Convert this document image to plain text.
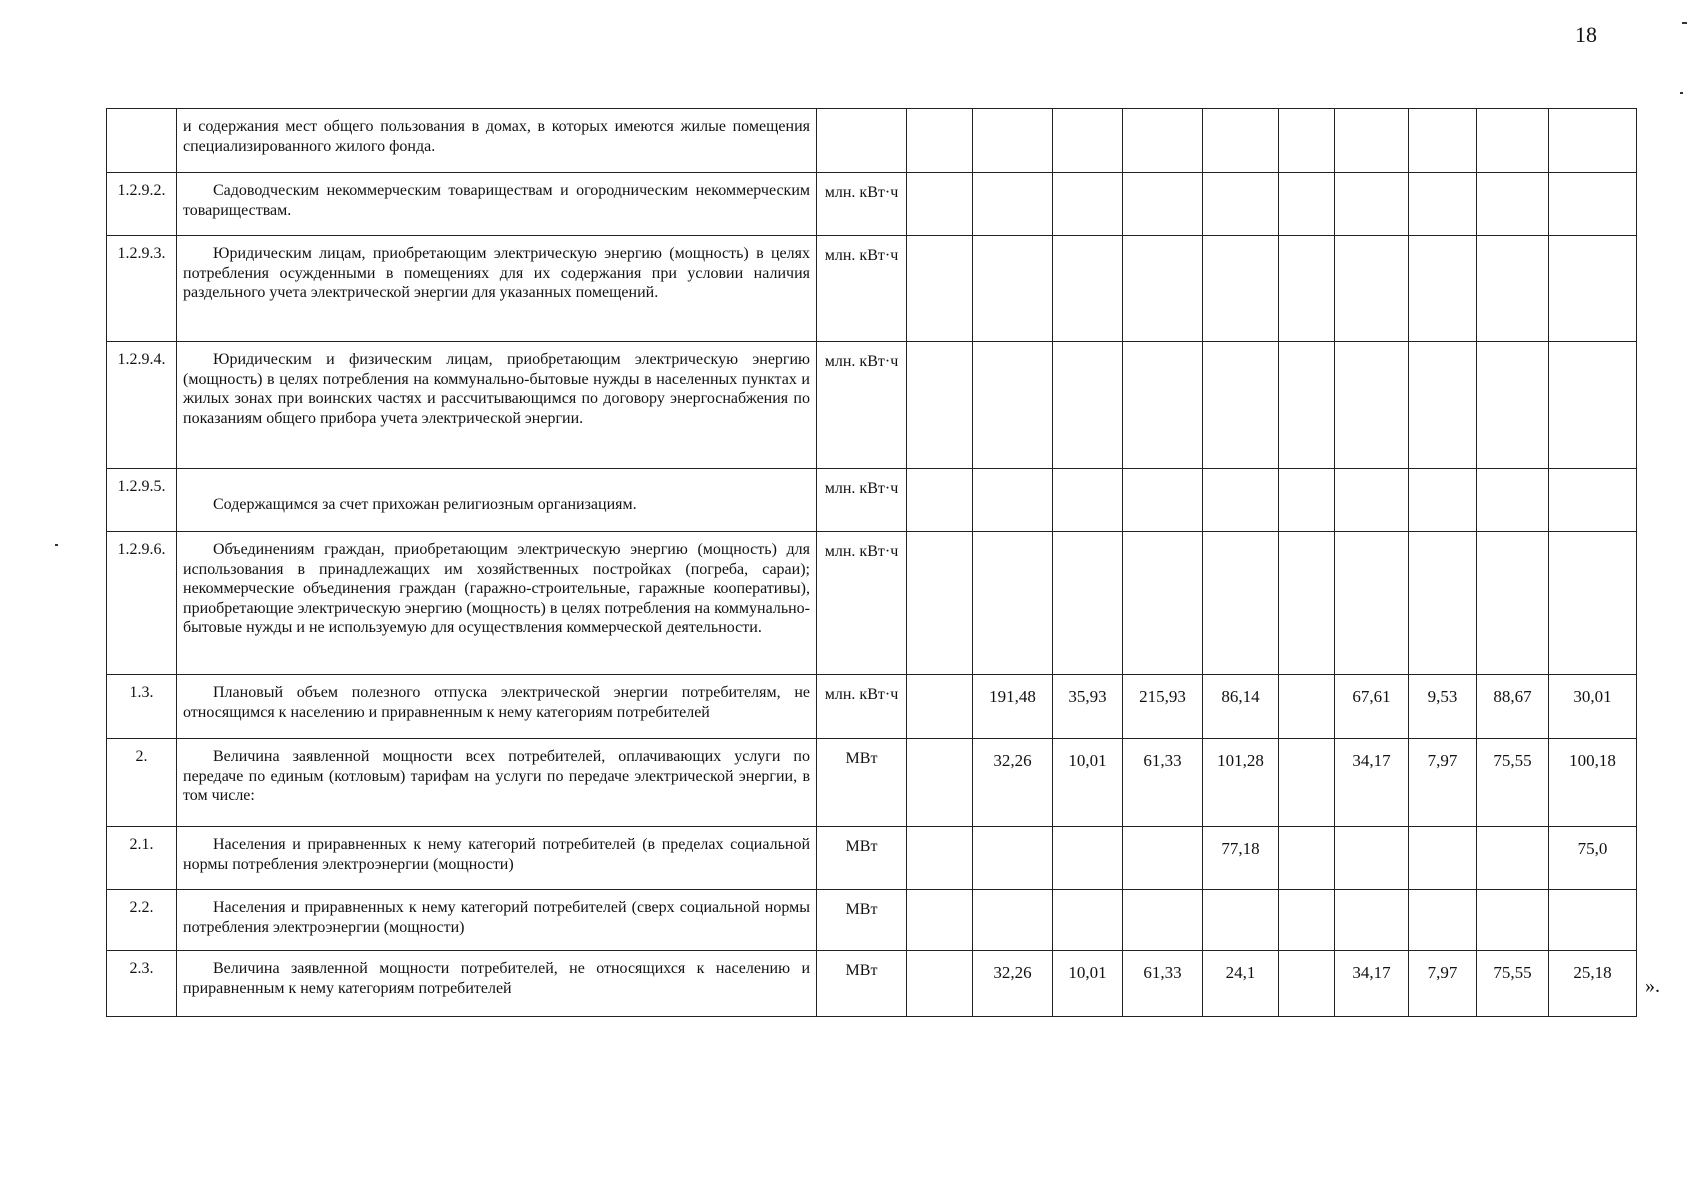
18

	и содержания мест общего пользования в домах, в которых имеются жилые помещения специализированного жилого фонда.											

1.2.9.2.	Садоводческим некоммерческим товариществам и огородническим некоммерческим товариществам.	млн. кВт·ч										
1.2.9.3.	Юридическим лицам, приобретающим электрическую энергию (мощность) в целях потребления осужденными в помещениях для их содержания при условии наличия раздельного учета электрической энергии для указанных помещений.	млн. кВт·ч										
1.2.9.4.	Юридическим и физическим лицам, приобретающим электрическую энергию (мощность) в целях потребления на коммунально-бытовые нужды в населенных пунктах и жилых зонах при воинских частях и рассчитывающимся по договору энергоснабжения по показаниям общего прибора учета электрической энергии.	млн. кВт·ч										
1.2.9.5.	Содержащимся за счет прихожан религиозным организациям.	млн. кВт·ч										
1.2.9.6.	Объединениям граждан, приобретающим электрическую энергию (мощность) для использования в принадлежащих им хозяйственных постройках (погреба, сараи); некоммерческие объединения граждан (гаражно-строительные, гаражные кооперативы), приобретающие электрическую энергию (мощность) в целях потребления на коммунально-бытовые нужды и не используемую для осуществления коммерческой деятельности.	млн. кВт·ч										
1.3.	Плановый объем полезного отпуска электрической энергии потребителям, не относящимся к населению и приравненным к нему категориям потребителей	млн. кВт·ч		191,48	35,93	215,93	86,14		67,61	9,53	88,67	30,01
2.	Величина заявленной мощности всех потребителей, оплачивающих услуги по передаче по единым (котловым) тарифам на услуги по передаче электрической энергии, в том числе:	МВт		32,26	10,01	61,33	101,28		34,17	7,97	75,55	100,18
2.1.	Населения и приравненных к нему категорий потребителей (в пределах социальной нормы потребления электроэнергии (мощности)	МВт					77,18					75,0
2.2.	Населения и приравненных к нему категорий потребителей (сверх социальной нормы потребления электроэнергии (мощности)	МВт										
2.3.	Величина заявленной мощности потребителей, не относящихся к населению и приравненным к нему категориям потребителей	МВт		32,26	10,01	61,33	24,1		34,17	7,97	75,55	25,18
».
